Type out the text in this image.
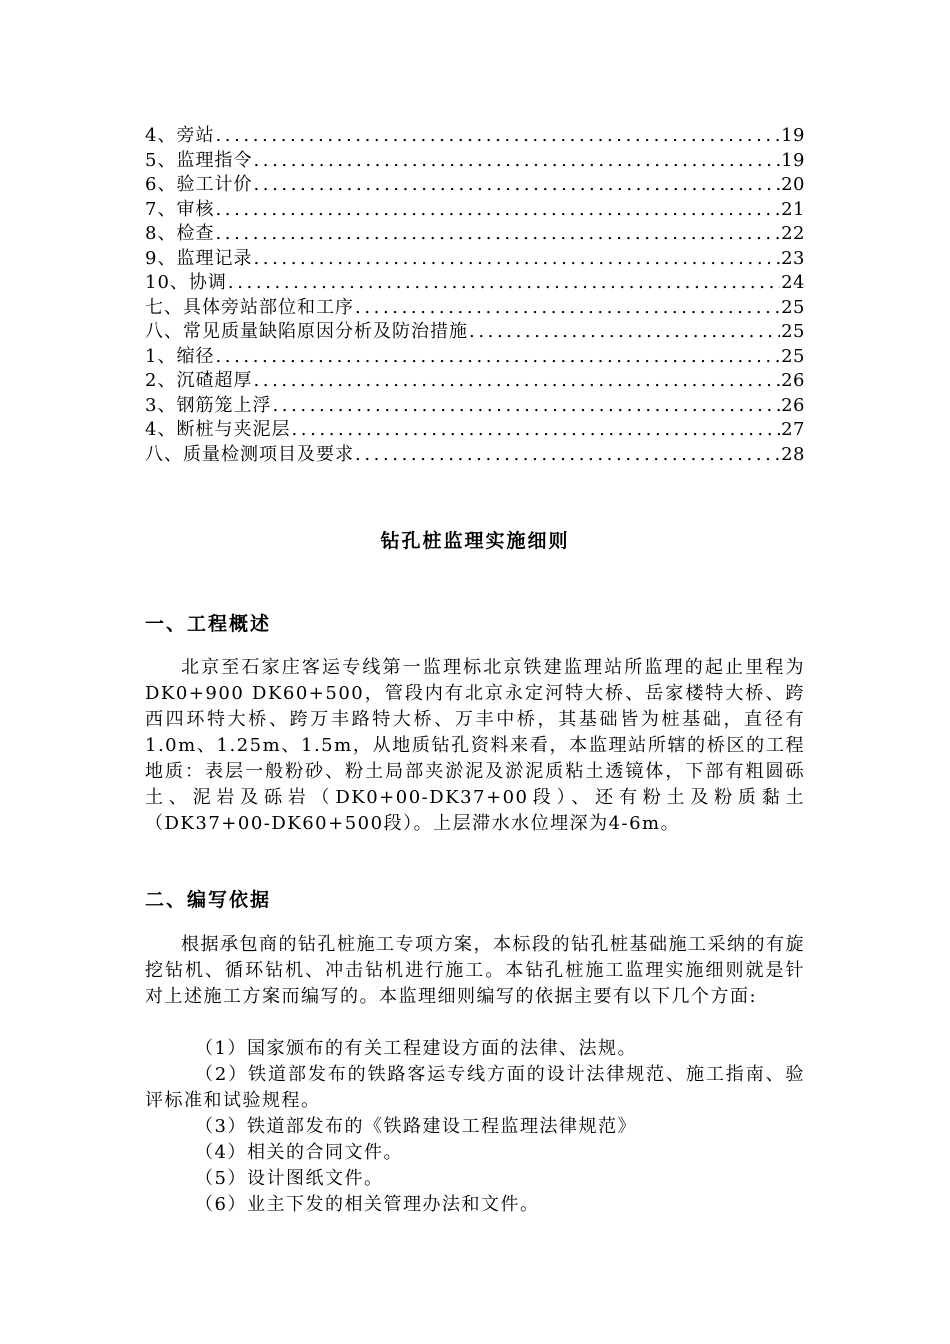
4、旁站 .....	19
5、监理指令 .....	19
6、验工计价 .....	20
7、审核 .....	21
8、检查 .....	22
9、监理记录 .....	23
10、协调 .....	24
七、具体旁站部位和工序 .....	25
八、常见质量缺陷原因分析及防治措施 .....	25
1、缩径 .....	25
2、沉碴超厚 .....	26
3、钢筋笼上浮 .....	26
4、断桩与夹泥层 .....	27
八、质量检测项目及要求 .....	28
钻孔桩监理实施细则
一、工程概述
北京至石家庄客运专线第一监理标北京铁建监理站所监理的起止里程为DK0+900 DK60+500，管段内有北京永定河特大桥、岳家楼特大桥、跨西四环特大桥、跨万丰路特大桥、万丰中桥，其基础皆为桩基础，直径有1.0m、1.25m、1.5m，从地质钻孔资料来看，本监理站所辖的桥区的工程地质：表层一般粉砂、粉土局部夹淤泥及淤泥质粘土透镜体，下部有粗圆砾土、泥岩及砾岩（DK0+00-DK37+00段）、还有粉土及粉质黏土（DK37+00-DK60+500段）。上层滞水水位埋深为4-6m。
二、编写依据
根据承包商的钻孔桩施工专项方案，本标段的钻孔桩基础施工采纳的有旋挖钻机、循环钻机、冲击钻机进行施工。本钻孔桩施工监理实施细则就是针对上述施工方案而编写的。本监理细则编写的依据主要有以下几个方面:
（1）国家颁布的有关工程建设方面的法律、法规。
（2）铁道部发布的铁路客运专线方面的设计法律规范、施工指南、验评标准和试验规程。
（3）铁道部发布的《铁路建设工程监理法律规范》
（4）相关的合同文件。
（5）设计图纸文件。
（6）业主下发的相关管理办法和文件。
